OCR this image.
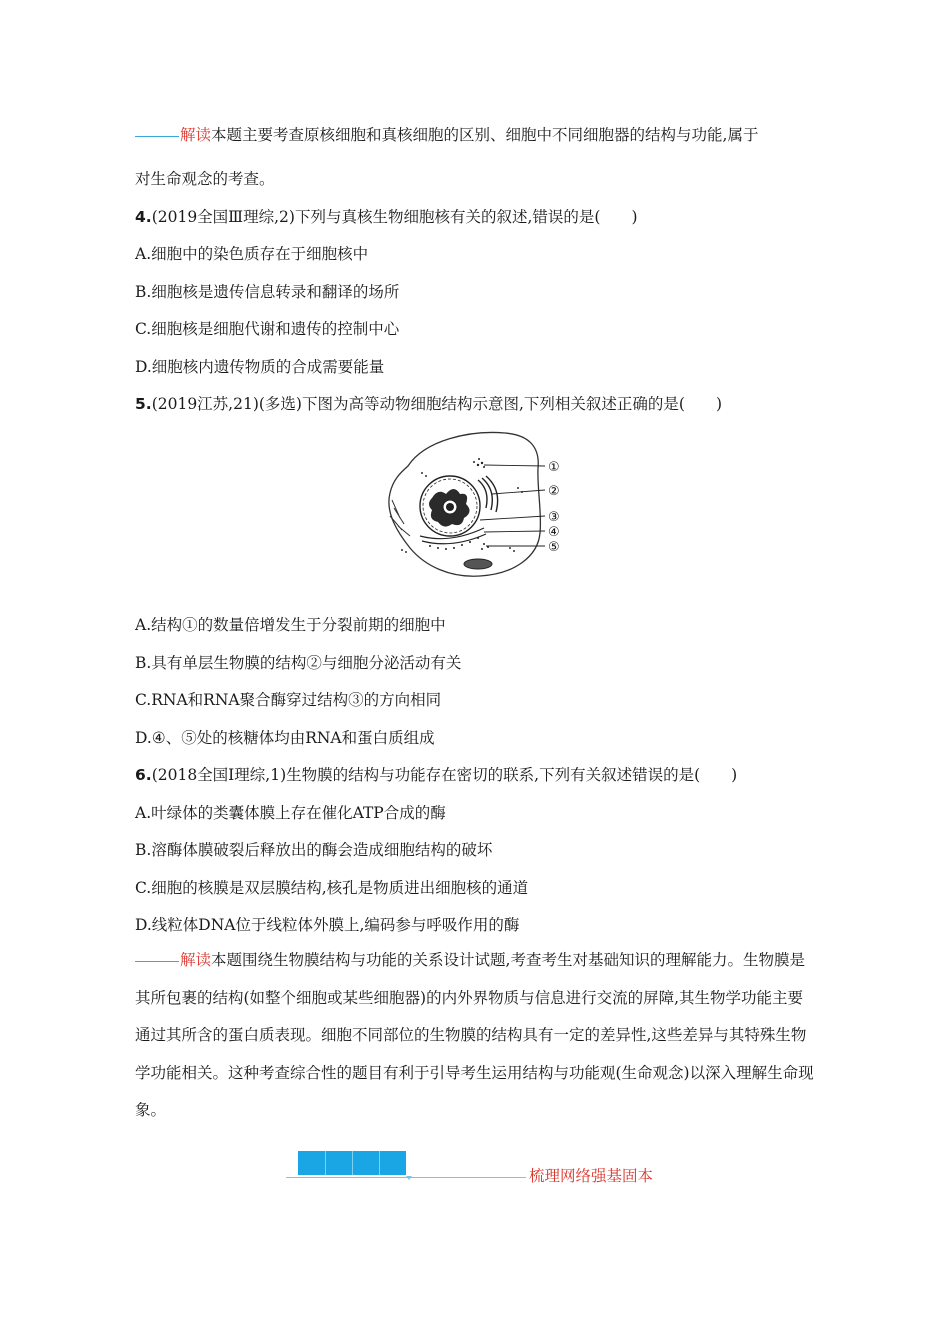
解读本题主要考查原核细胞和真核细胞的区别、细胞中不同细胞器的结构与功能,属于
对生命观念的考查。
4.(2019全国Ⅲ理综,2)下列与真核生物细胞核有关的叙述,错误的是(　　)
A.细胞中的染色质存在于细胞核中
B.细胞核是遗传信息转录和翻译的场所
C.细胞核是细胞代谢和遗传的控制中心
D.细胞核内遗传物质的合成需要能量
5.(2019江苏,21)(多选)下图为高等动物细胞结构示意图,下列相关叙述正确的是(　　)
①
②
③
④
⑤
A.结构①的数量倍增发生于分裂前期的细胞中
B.具有单层生物膜的结构②与细胞分泌活动有关
C.RNA和RNA聚合酶穿过结构③的方向相同
D.④、⑤处的核糖体均由RNA和蛋白质组成
6.(2018全国Ⅰ理综,1)生物膜的结构与功能存在密切的联系,下列有关叙述错误的是(　　)
A.叶绿体的类囊体膜上存在催化ATP合成的酶
B.溶酶体膜破裂后释放出的酶会造成细胞结构的破坏
C.细胞的核膜是双层膜结构,核孔是物质进出细胞核的通道
D.线粒体DNA位于线粒体外膜上,编码参与呼吸作用的酶
解读本题围绕生物膜结构与功能的关系设计试题,考查考生对基础知识的理解能力。生物膜是其所包裹的结构(如整个细胞或某些细胞器)的内外界物质与信息进行交流的屏障,其生物学功能主要通过其所含的蛋白质表现。细胞不同部位的生物膜的结构具有一定的差异性,这些差异与其特殊生物学功能相关。这种考查综合性的题目有利于引导考生运用结构与功能观(生命观念)以深入理解生命现象。
梳理网络强基固本
